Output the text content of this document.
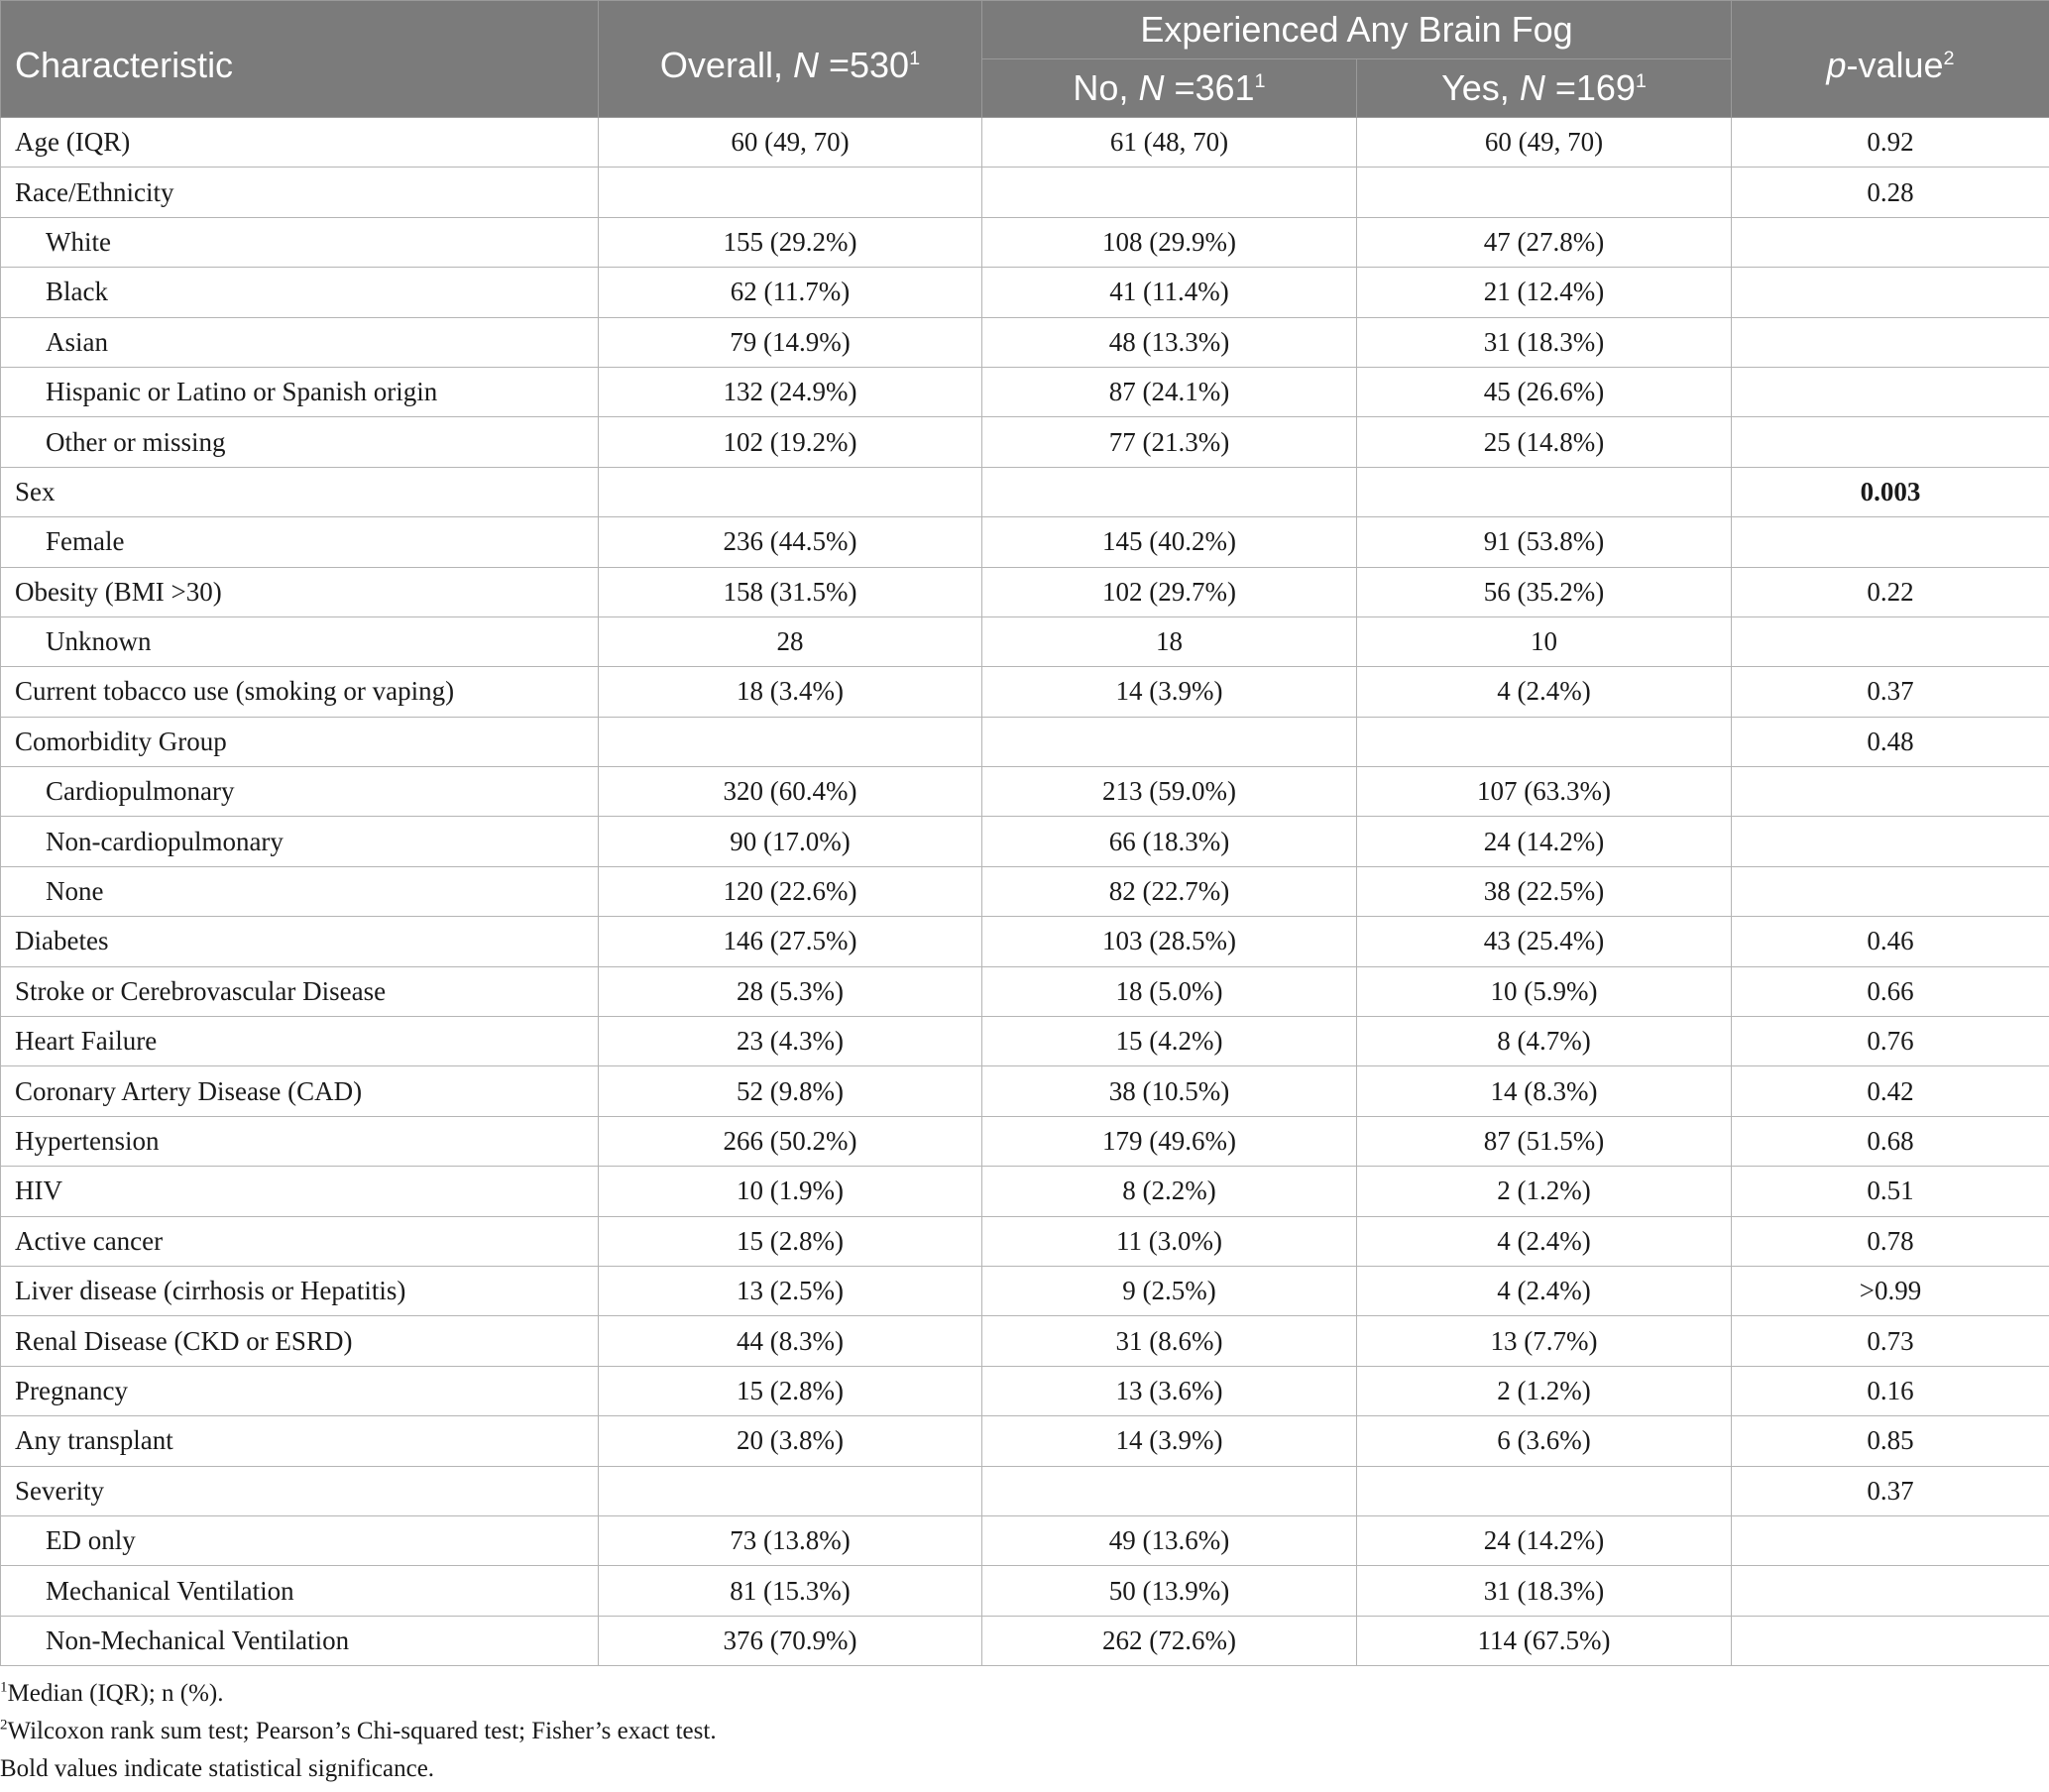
Characteristic	Overall, $N =530^1$	Experienced Any Brain Fog		p-value$^2$
		No, $N =361^1$	Yes, $N =169^1$
Age (IQR)	60 (49, 70)	61 (48, 70)	60 (49, 70)	0.92
Race/Ethnicity				0.28
White	155 (29.2%)	108 (29.9%)	47 (27.8%)	
Black	62 (11.7%)	41 (11.4%)	21 (12.4%)	
Asian	79 (14.9%)	48 (13.3%)	31 (18.3%)	
Hispanic or Latino or Spanish origin	132 (24.9%)	87 (24.1%)	45 (26.6%)	
Other or missing	102 (19.2%)	77 (21.3%)	25 (14.8%)	
Sex				0.003
Female	236 (44.5%)	145 (40.2%)	91 (53.8%)	
Obesity (BMI >30)	158 (31.5%)	102 (29.7%)	56 (35.2%)	0.22
Unknown	28	18	10	
Current tobacco use (smoking or vaping)	18 (3.4%)	14 (3.9%)	4 (2.4%)	0.37
Comorbidity Group				0.48
Cardiopulmonary	320 (60.4%)	213 (59.0%)	107 (63.3%)	
Non-cardiopulmonary	90 (17.0%)	66 (18.3%)	24 (14.2%)	
None	120 (22.6%)	82 (22.7%)	38 (22.5%)	
Diabetes	146 (27.5%)	103 (28.5%)	43 (25.4%)	0.46
Stroke or Cerebrovascular Disease	28 (5.3%)	18 (5.0%)	10 (5.9%)	0.66
Heart Failure	23 (4.3%)	15 (4.2%)	8 (4.7%)	0.76
Coronary Artery Disease (CAD)	52 (9.8%)	38 (10.5%)	14 (8.3%)	0.42
Hypertension	266 (50.2%)	179 (49.6%)	87 (51.5%)	0.68
HIV	10 (1.9%)	8 (2.2%)	2 (1.2%)	0.51
Active cancer	15 (2.8%)	11 (3.0%)	4 (2.4%)	0.78
Liver disease (cirrhosis or Hepatitis)	13 (2.5%)	9 (2.5%)	4 (2.4%)	>0.99
Renal Disease (CKD or ESRD)	44 (8.3%)	31 (8.6%)	13 (7.7%)	0.73
Pregnancy	15 (2.8%)	13 (3.6%)	2 (1.2%)	0.16
Any transplant	20 (3.8%)	14 (3.9%)	6 (3.6%)	0.85
Severity				0.37
ED only	73 (13.8%)	49 (13.6%)	24 (14.2%)	
Mechanical Ventilation	81 (15.3%)	50 (13.9%)	31 (18.3%)	
Non-Mechanical Ventilation	376 (70.9%)	262 (72.6%)	114 (67.5%)	
$^1$Median (IQR); n (%).
$^2$Wilcoxon rank sum test; Pearson’s Chi-squared test; Fisher’s exact test.
Bold values indicate statistical significance.
